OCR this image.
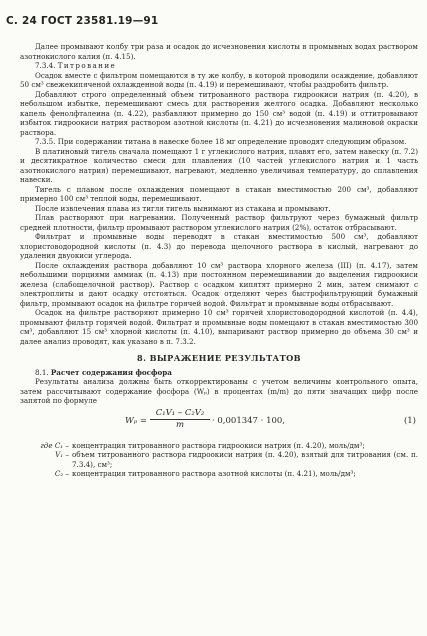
С. 24 ГОСТ 23581.19—91

Далее промывают колбу три раза и осадок до исчезновения кислоты в промывных водах раствором азотнокислого калия (п. 4.15).

7.3.4. Титрование

Осадок вместе с фильтром помещаются в ту же колбу, в которой проводили осаждение, добавляют 50 см³ свежекипяченой охлажденной воды (п. 4.19) и перемешивают, чтобы раздробить фильтр.

Добавляют строго определенный объем титрованного раствора гидроокиси натрия (п. 4.20), в небольшом избытке, перемешивают смесь для растворения желтого осадка. Добавляют несколько капель фенолфталеина (п. 4.22), разбавляют примерно до 150 см³ водой (п. 4.19) и оттитровывают избыток гидроокиси натрия раствором азотной кислоты (п. 4.21) до исчезновения малиновой окраски раствора.

7.3.5. При содержании титана в навеске более 18 мг определение проводят следующим образом.

В платиновый тигель сначала помещают 1 г углекислого натрия, плавят его, затем навеску (п. 7.2) и десятикратное количество смеси для плавления (10 частей углекислого натрия и 1 часть азотнокислого натрия) перемешивают, нагревают, медленно увеличивая температуру, до сплавления навески.

Тигель с плавом после охлаждения помещают в стакан вместимостью 200 см³, добавляют примерно 100 см³ теплой воды, перемешивают.

После извлечения плава из тигля тигель вынимают из стакана и промывают.

Плав растворяют при нагревании. Полученный раствор фильтруют через бумажный фильтр средней плотности, фильтр промывают раствором углекислого натрия (2%), остаток отбрасывают.

Фильтрат и промывные воды переводят в стакан вместимостью 500 см³, добавляют хлористоводородной кислоты (п. 4.3) до перевода щелочного раствора в кислый, нагревают до удаления двуокиси углерода.

После охлаждения раствора добавляют 10 см³ раствора хлорного железа (III) (п. 4.17), затем небольшими порциями аммиак (п. 4.13) при постоянном перемешивании до выделения гидроокиси железа (слабощелочной раствор). Раствор с осадком кипятят примерно 2 мин, затем снимают с электроплиты и дают осадку отстояться. Осадок отделяют через быстрофильтрующий бумажный фильтр, промывают осадок на фильтре горячей водой. Фильтрат и промывные воды отбрасывают.

Осадок на фильтре растворяют примерно 10 см³ горячей хлористоводородной кислотой (п. 4.4), промывают фильтр горячей водой. Фильтрат и промывные воды помещают в стакан вместимостью 300 см³, добавляют 15 см³ хлорной кислоты (п. 4.10), выпаривают раствор примерно до объема 30 см³ и далее анализ проводят, как указано в п. 7.3.2.

8. ВЫРАЖЕНИЕ РЕЗУЛЬТАТОВ

8.1. Расчет содержания фосфора

Результаты анализа должны быть откорректированы с учетом величины контрольного опыта, затем рассчитывают содержание фосфора (Wₚ) в процентах (m/m) до пяти значащих цифр после запятой по формуле

$W_p = \frac{\text{C₁V₁ – C₂V₂}}{m} \cdot 0,001347 \cdot 100$,	(1)
где C₁ – концентрация титрованного раствора гидроокиси натрия (п. 4.20), моль/дм³;
V₁ – объем титрованного раствора гидроокиси натрия (п. 4.20), взятый для титрования (см. п. 7.3.4), см³;
C₂ – концентрация титрованного раствора азотной кислоты (п. 4.21), моль/дм³;
